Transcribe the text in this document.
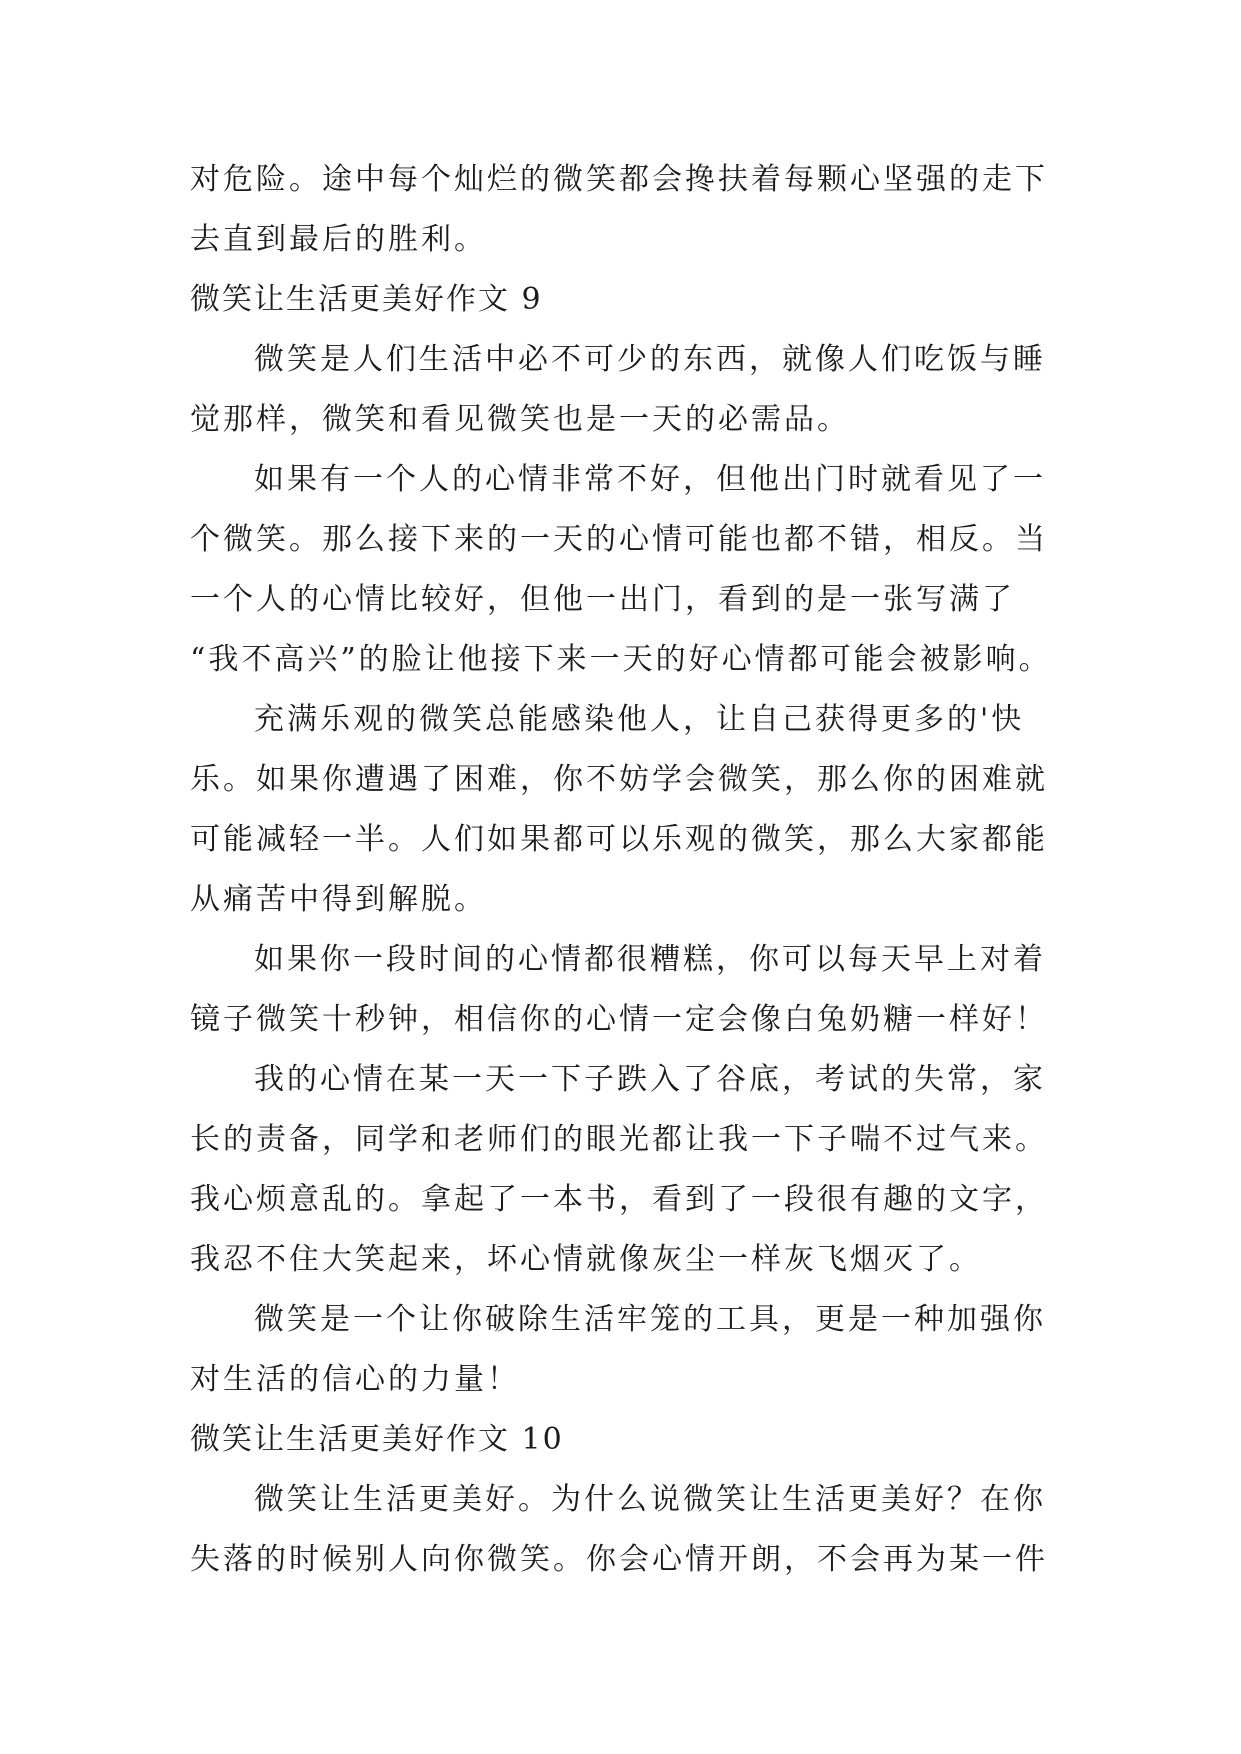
对危险。途中每个灿烂的微笑都会搀扶着每颗心坚强的走下
去直到最后的胜利。
微笑让生活更美好作文 9
微笑是人们生活中必不可少的东西，就像人们吃饭与睡
觉那样，微笑和看见微笑也是一天的必需品。
如果有一个人的心情非常不好，但他出门时就看见了一
个微笑。那么接下来的一天的心情可能也都不错，相反。当
一个人的心情比较好，但他一出门，看到的是一张写满了
“我不高兴”的脸让他接下来一天的好心情都可能会被影响。
充满乐观的微笑总能感染他人，让自己获得更多的'快
乐。如果你遭遇了困难，你不妨学会微笑，那么你的困难就
可能减轻一半。人们如果都可以乐观的微笑，那么大家都能
从痛苦中得到解脱。
如果你一段时间的心情都很糟糕，你可以每天早上对着
镜子微笑十秒钟，相信你的心情一定会像白兔奶糖一样好！
我的心情在某一天一下子跌入了谷底，考试的失常，家
长的责备，同学和老师们的眼光都让我一下子喘不过气来。
我心烦意乱的。拿起了一本书，看到了一段很有趣的文字，
我忍不住大笑起来，坏心情就像灰尘一样灰飞烟灭了。
微笑是一个让你破除生活牢笼的工具，更是一种加强你
对生活的信心的力量！
微笑让生活更美好作文 10
微笑让生活更美好。为什么说微笑让生活更美好？在你
失落的时候别人向你微笑。你会心情开朗，不会再为某一件
